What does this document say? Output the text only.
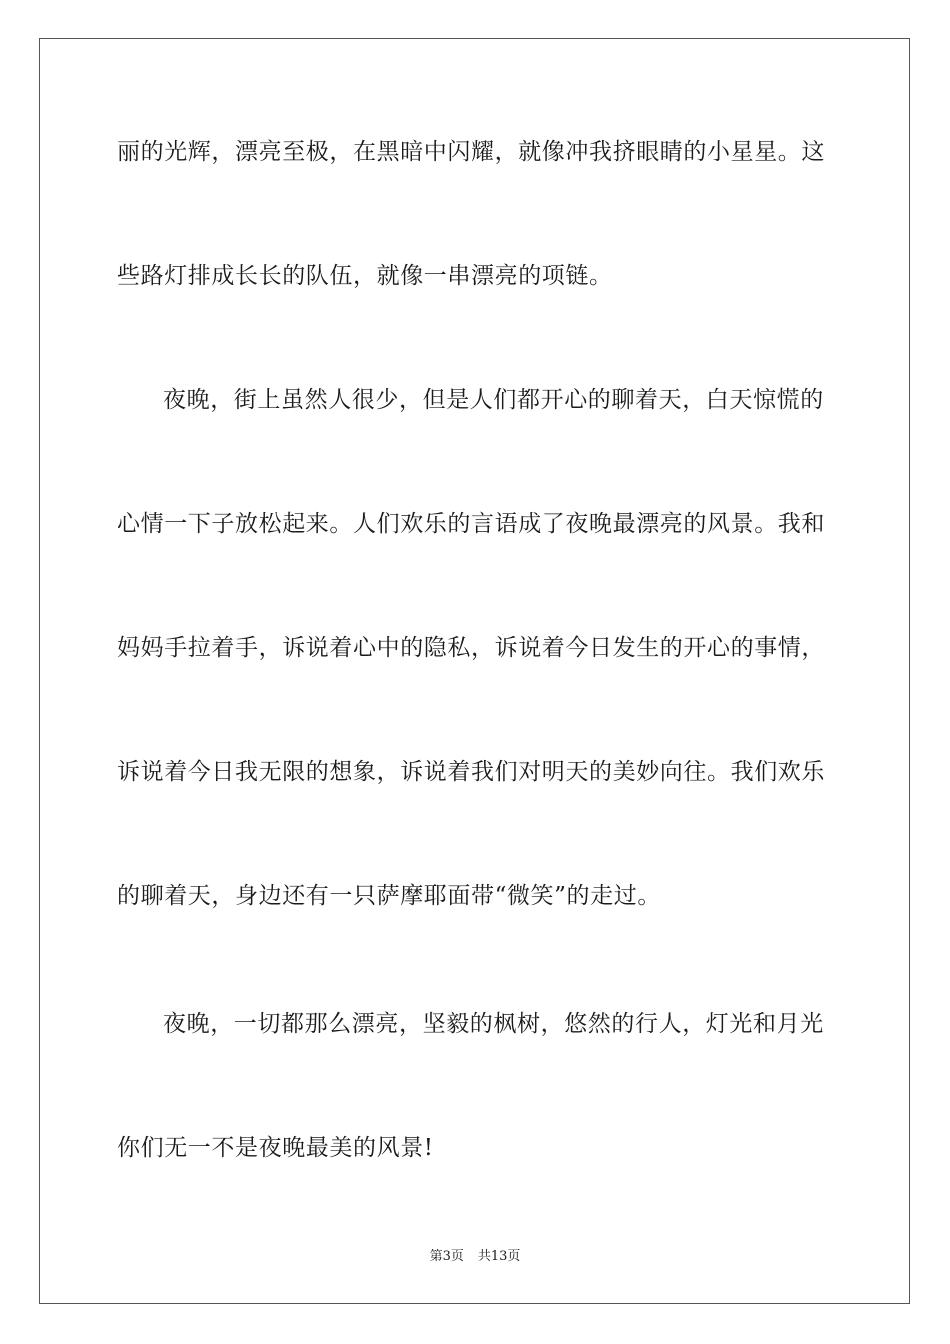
丽的光辉，漂亮至极，在黑暗中闪耀，就像冲我挤眼睛的小星星。这
些路灯排成长长的队伍，就像一串漂亮的项链。
夜晚，街上虽然人很少，但是人们都开心的聊着天，白天惊慌的
心情一下子放松起来。人们欢乐的言语成了夜晚最漂亮的风景。我和
妈妈手拉着手，诉说着心中的隐私，诉说着今日发生的开心的事情，
诉说着今日我无限的想象，诉说着我们对明天的美妙向往。我们欢乐
的聊着天，身边还有一只萨摩耶面带“微笑”的走过。
夜晚，一切都那么漂亮，坚毅的枫树，悠然的行人，灯光和月光
你们无一不是夜晚最美的风景!
第3页 共13页
